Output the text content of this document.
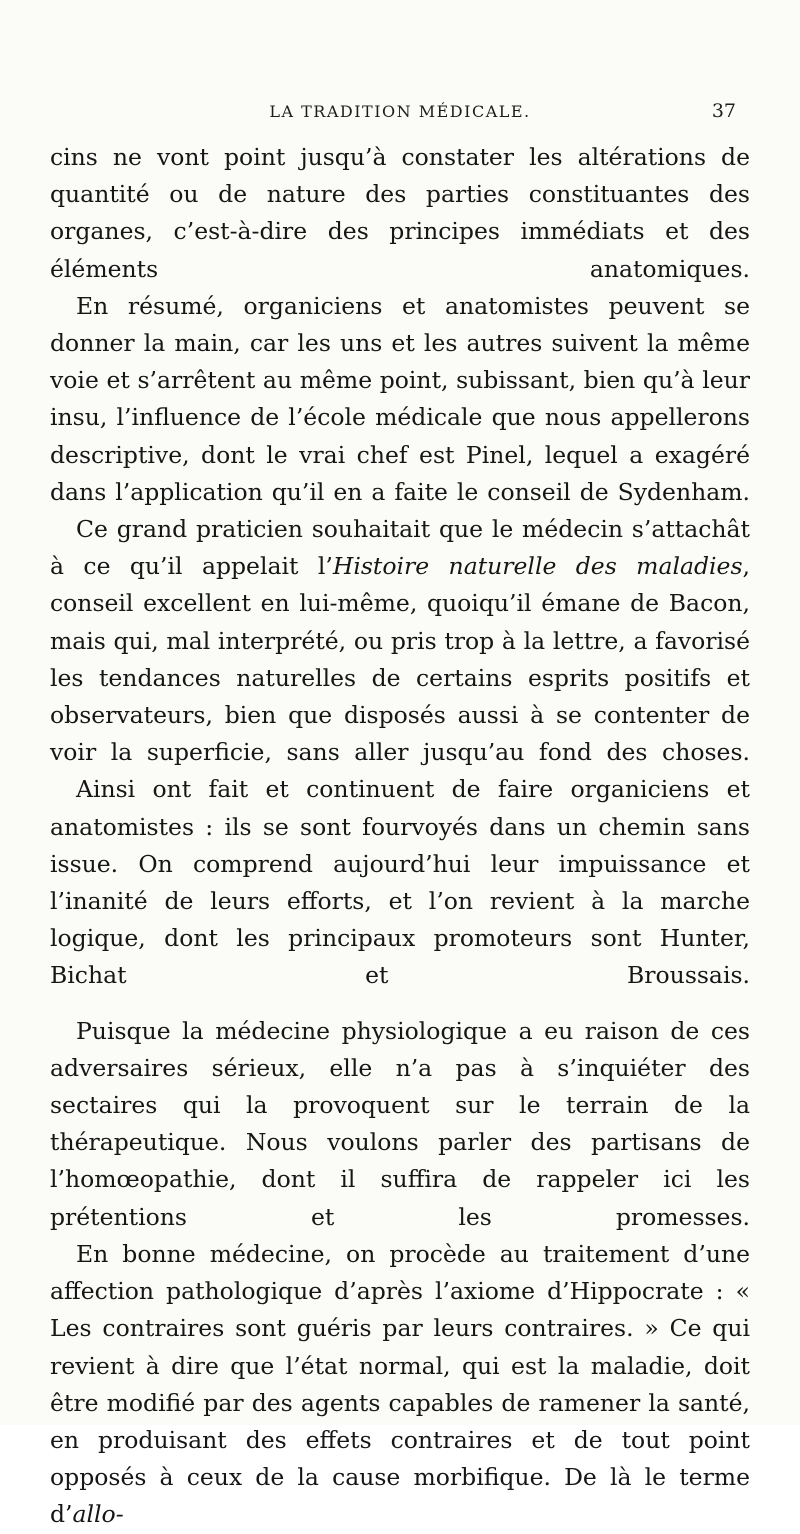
LA TRADITION MÉDICALE.	37

cins ne vont point jusqu’à constater les altérations de quantité ou de nature des parties constituantes des organes, c’est-à-dire des principes immédiats et des éléments anatomiques.

En résumé, organiciens et anatomistes peuvent se donner la main, car les uns et les autres suivent la même voie et s’arrêtent au même point, subissant, bien qu’à leur insu, l’influence de l’école médicale que nous appellerons descriptive, dont le vrai chef est Pinel, lequel a exagéré dans l’application qu’il en a faite le conseil de Sydenham.

Ce grand praticien souhaitait que le médecin s’attachât à ce qu’il appelait l’Histoire naturelle des maladies, conseil excellent en lui-même, quoiqu’il émane de Bacon, mais qui, mal interprété, ou pris trop à la lettre, a favorisé les tendances naturelles de certains esprits positifs et observateurs, bien que disposés aussi à se contenter de voir la superficie, sans aller jusqu’au fond des choses.

Ainsi ont fait et continuent de faire organiciens et anatomistes : ils se sont fourvoyés dans un chemin sans issue. On comprend aujourd’hui leur impuissance et l’inanité de leurs efforts, et l’on revient à la marche logique, dont les principaux promoteurs sont Hunter, Bichat et Broussais.

Puisque la médecine physiologique a eu raison de ces adversaires sérieux, elle n’a pas à s’inquiéter des sectaires qui la provoquent sur le terrain de la thérapeutique. Nous voulons parler des partisans de l’homœopathie, dont il suffira de rappeler ici les prétentions et les promesses.

En bonne médecine, on procède au traitement d’une affection pathologique d’après l’axiome d’Hippocrate : « Les contraires sont guéris par leurs contraires. » Ce qui revient à dire que l’état normal, qui est la maladie, doit être modifié par des agents capables de ramener la santé, en produisant des effets contraires et de tout point opposés à ceux de la cause morbifique. De là le terme d’allo-
